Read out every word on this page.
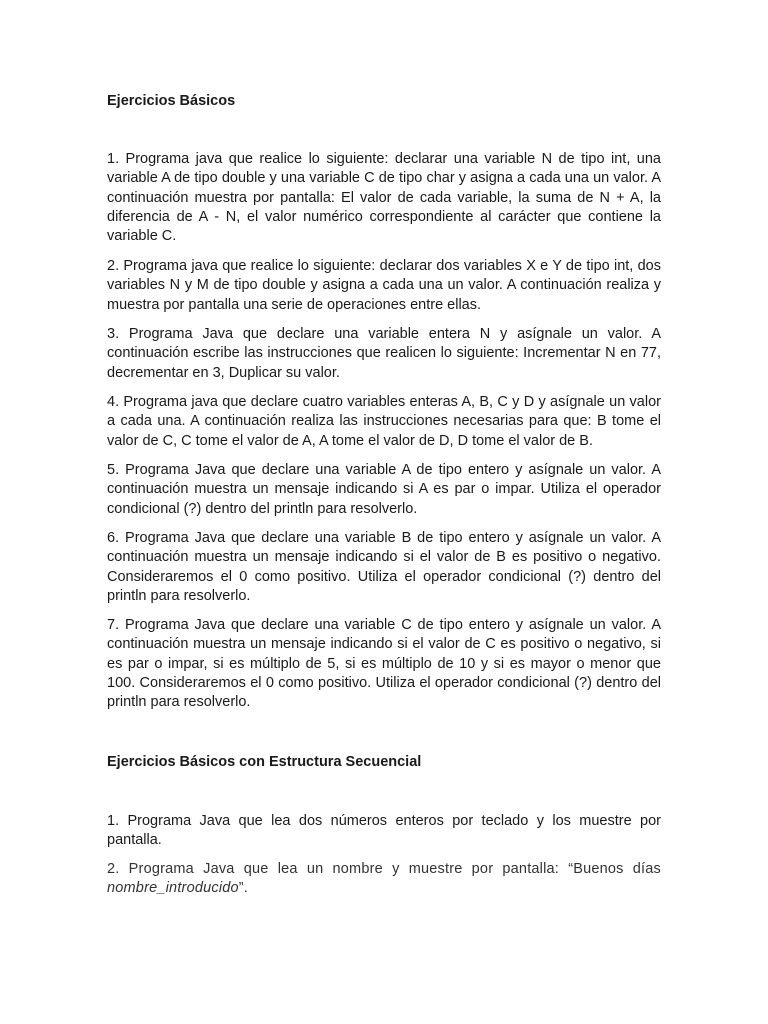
Ejercicios Básicos

1. Programa java que realice lo siguiente: declarar una variable N de tipo int, una variable A de tipo double y una variable C de tipo char y asigna a cada una un valor. A continuación muestra por pantalla: El valor de cada variable, la suma de N + A, la diferencia de A - N, el valor numérico correspondiente al carácter que contiene la variable C.

2. Programa java que realice lo siguiente: declarar dos variables X e Y de tipo int, dos variables N y M de tipo double y asigna a cada una un valor. A continuación realiza y muestra por pantalla una serie de operaciones entre ellas.

3. Programa Java que declare una variable entera N y asígnale un valor. A continuación escribe las instrucciones que realicen lo siguiente: Incrementar N en 77, decrementar en 3, Duplicar su valor.

4. Programa java que declare cuatro variables enteras A, B, C y D y asígnale un valor a cada una. A continuación realiza las instrucciones necesarias para que: B tome el valor de C, C tome el valor de A, A tome el valor de D, D tome el valor de B.

5. Programa Java que declare una variable A de tipo entero y asígnale un valor. A continuación muestra un mensaje indicando si A es par o impar. Utiliza el operador condicional (?) dentro del println para resolverlo.

6. Programa Java que declare una variable B de tipo entero y asígnale un valor. A continuación muestra un mensaje indicando si el valor de B es positivo o negativo. Consideraremos el 0 como positivo. Utiliza el operador condicional (?) dentro del println para resolverlo.

7. Programa Java que declare una variable C de tipo entero y asígnale un valor. A continuación muestra un mensaje indicando si el valor de C es positivo o negativo, si es par o impar, si es múltiplo de 5, si es múltiplo de 10 y si es mayor o menor que 100. Consideraremos el 0 como positivo. Utiliza el operador condicional (?) dentro del println para resolverlo.

Ejercicios Básicos con Estructura Secuencial

1. Programa Java que lea dos números enteros por teclado y los muestre por pantalla.

2. Programa Java que lea un nombre y muestre por pantalla: “Buenos días nombre_introducido”.
